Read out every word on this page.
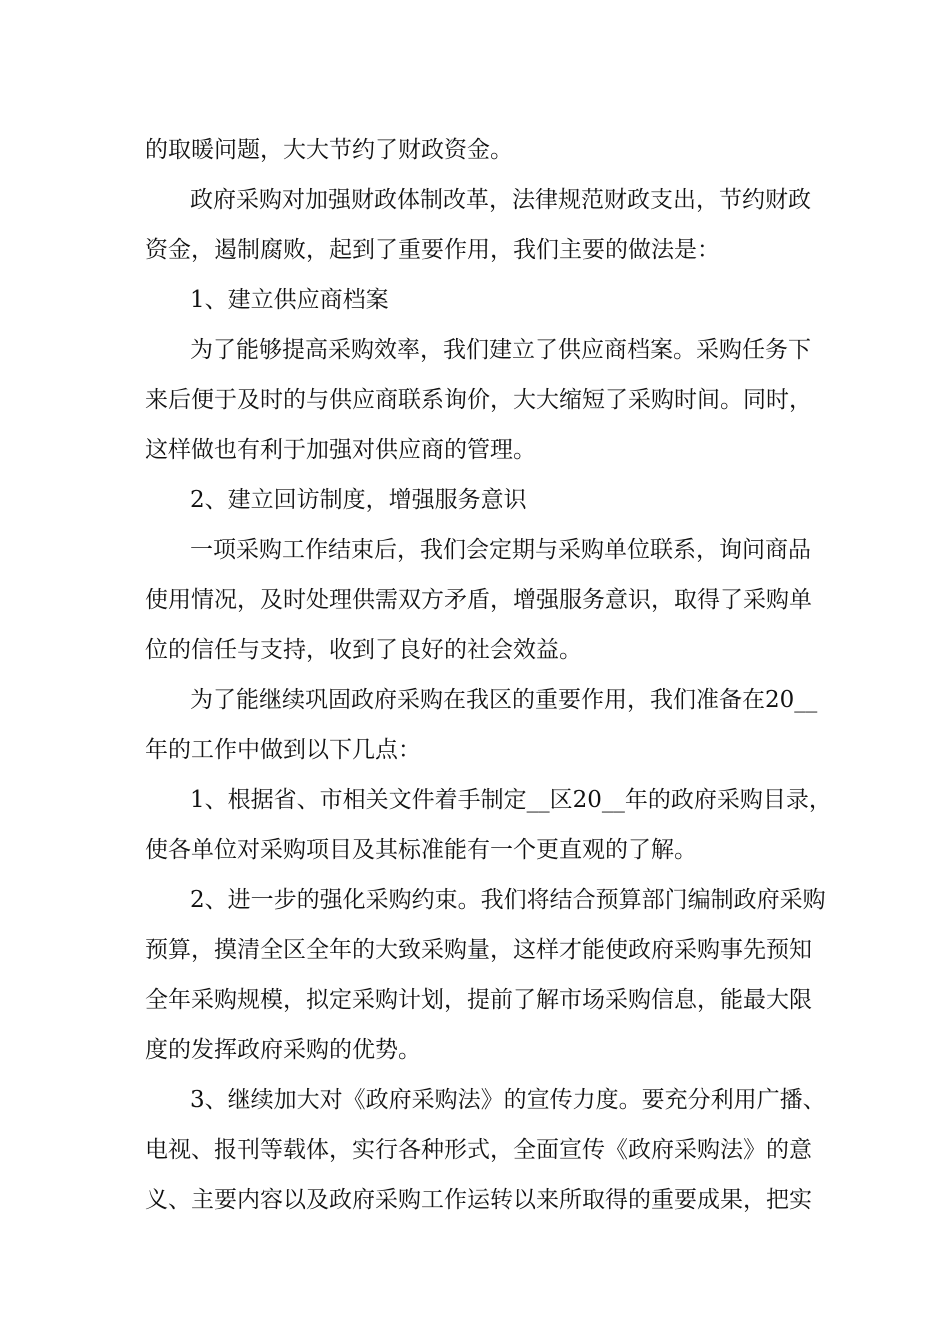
的取暖问题，大大节约了财政资金。
政府采购对加强财政体制改革，法律规范财政支出，节约财政
资金，遏制腐败，起到了重要作用，我们主要的做法是：
1、建立供应商档案
为了能够提高采购效率，我们建立了供应商档案。采购任务下
来后便于及时的与供应商联系询价，大大缩短了采购时间。同时，
这样做也有利于加强对供应商的管理。
2、建立回访制度，增强服务意识
一项采购工作结束后，我们会定期与采购单位联系，询问商品
使用情况，及时处理供需双方矛盾，增强服务意识，取得了采购单
位的信任与支持，收到了良好的社会效益。
为了能继续巩固政府采购在我区的重要作用，我们准备在20__
年的工作中做到以下几点：
1、根据省、市相关文件着手制定__区20__年的政府采购目录，
使各单位对采购项目及其标准能有一个更直观的了解。
2、进一步的强化采购约束。我们将结合预算部门编制政府采购
预算，摸清全区全年的大致采购量，这样才能使政府采购事先预知
全年采购规模，拟定采购计划，提前了解市场采购信息，能最大限
度的发挥政府采购的优势。
3、继续加大对《政府采购法》的宣传力度。要充分利用广播、
电视、报刊等载体，实行各种形式，全面宣传《政府采购法》的意
义、主要内容以及政府采购工作运转以来所取得的重要成果，把实
